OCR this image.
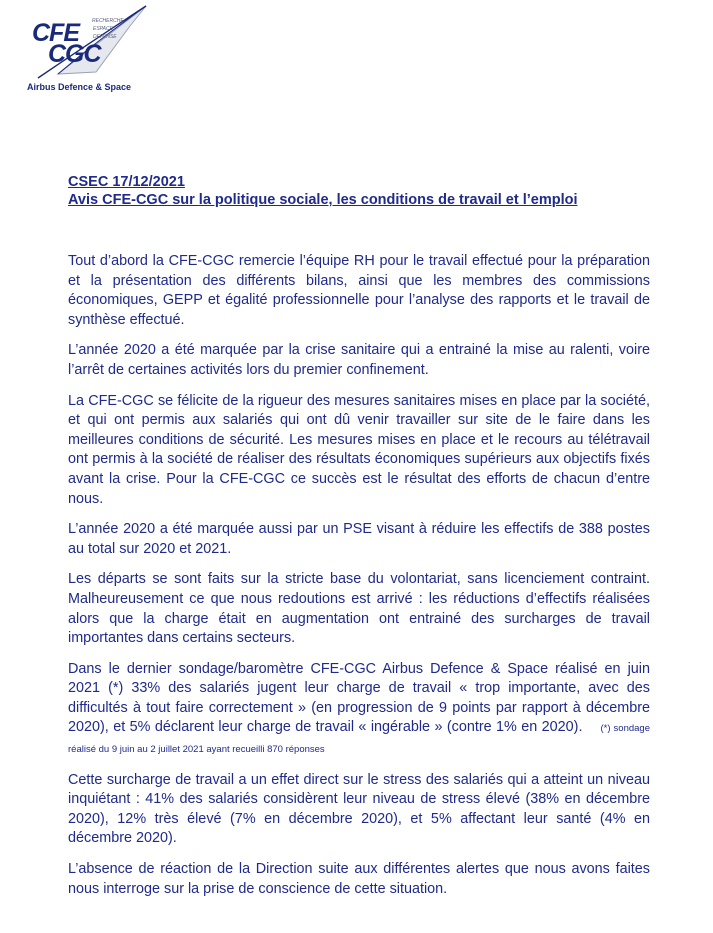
RECHERCHE
ESPACE
DEFENSE
CFE
CGC
Airbus Defence & Space
CSEC 17/12/2021
Avis CFE-CGC sur la politique sociale, les conditions de travail et l’emploi

Tout d’abord la CFE-CGC remercie l’équipe RH pour le travail effectué pour la préparation et la présentation des différents bilans, ainsi que les membres des commissions économiques, GEPP et égalité professionnelle pour l’analyse des rapports et le travail de synthèse effectué.

L’année 2020 a été marquée par la crise sanitaire qui a entrainé la mise au ralenti, voire l’arrêt de certaines activités lors du premier confinement.

La CFE-CGC se félicite de la rigueur des mesures sanitaires mises en place par la société, et qui ont permis aux salariés qui ont dû venir travailler sur site de le faire dans les meilleures conditions de sécurité. Les mesures mises en place et le recours au télétravail ont permis à la société de réaliser des résultats économiques supérieurs aux objectifs fixés avant la crise. Pour la CFE-CGC ce succès est le résultat des efforts de chacun d’entre nous.

L’année 2020 a été marquée aussi par un PSE visant à réduire les effectifs de 388 postes au total sur 2020 et 2021.

Les départs se sont faits sur la stricte base du volontariat, sans licenciement contraint. Malheureusement ce que nous redoutions est arrivé : les réductions d’effectifs réalisées alors que la charge était en augmentation ont entrainé des surcharges de travail importantes dans certains secteurs.

Dans le dernier sondage/baromètre CFE-CGC Airbus Defence & Space réalisé en juin 2021 (*) 33% des salariés jugent leur charge de travail « trop importante, avec des difficultés à tout faire correctement » (en progression de 9 points par rapport à décembre 2020), et 5% déclarent leur charge de travail « ingérable » (contre 1% en 2020). (*) sondage réalisé du 9 juin au 2 juillet 2021 ayant recueilli 870 réponses

Cette surcharge de travail a un effet direct sur le stress des salariés qui a atteint un niveau inquiétant : 41% des salariés considèrent leur niveau de stress élevé (38% en décembre 2020), 12% très élevé (7% en décembre 2020), et 5% affectant leur santé (4% en décembre 2020).

L’absence de réaction de la Direction suite aux différentes alertes que nous avons faites nous interroge sur la prise de conscience de cette situation.
